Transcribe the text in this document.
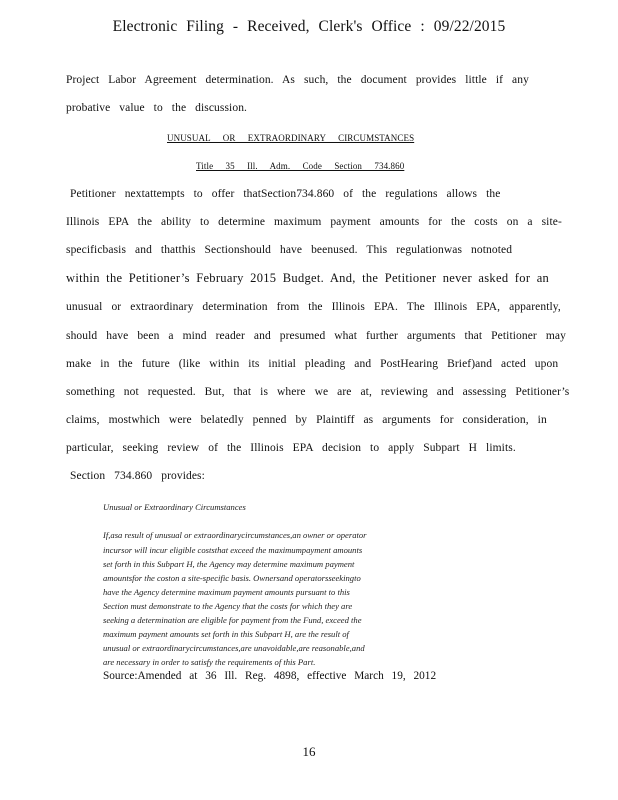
Electronic Filing - Received, Clerk's Office : 09/22/2015
Project Labor Agreement determination. As such, the document provides little if any
probative value to the discussion.
UNUSUAL OR EXTRAORDINARY CIRCUMSTANCES
Title 35 Ill. Adm. Code Section 734.860
Petitioner nextattempts to offer thatSection734.860 of the regulations allows the
Illinois EPA the ability to determine maximum payment amounts for the costs on a site-
specificbasis and thatthis Sectionshould have beenused. This regulationwas notnoted
within the Petitioner’s February 2015 Budget. And, the Petitioner never asked for an
unusual or extraordinary determination from the Illinois EPA. The Illinois EPA, apparently,
should have been a mind reader and presumed what further arguments that Petitioner may
make in the future (like within its initial pleading and PostHearing Brief)and acted upon
something not requested. But, that is where we are at, reviewing and assessing Petitioner’s
claims, mostwhich were belatedly penned by Plaintiff as arguments for consideration, in
particular, seeking review of the Illinois EPA decision to apply Subpart H limits.
Section 734.860 provides:
Unusual or Extraordinary Circumstances
If,asa result of unusual or extraordinarycircumstances,an owner or operator
incursor will incur eligible coststhat exceed the maximumpayment amounts
set forth in this Subpart H, the Agency may determine maximum payment
amountsfor the coston a site-specific basis. Ownersand operatorsseekingto
have the Agency determine maximum payment amounts pursuant to this
Section must demonstrate to the Agency that the costs for which they are
seeking a determination are eligible for payment from the Fund, exceed the
maximum payment amounts set forth in this Subpart H, are the result of
unusual or extraordinarycircumstances,are unavoidable,are reasonable,and
are necessary in order to satisfy the requirements of this Part.
Source:Amended at 36 Ill. Reg. 4898, effective March 19, 2012
16
